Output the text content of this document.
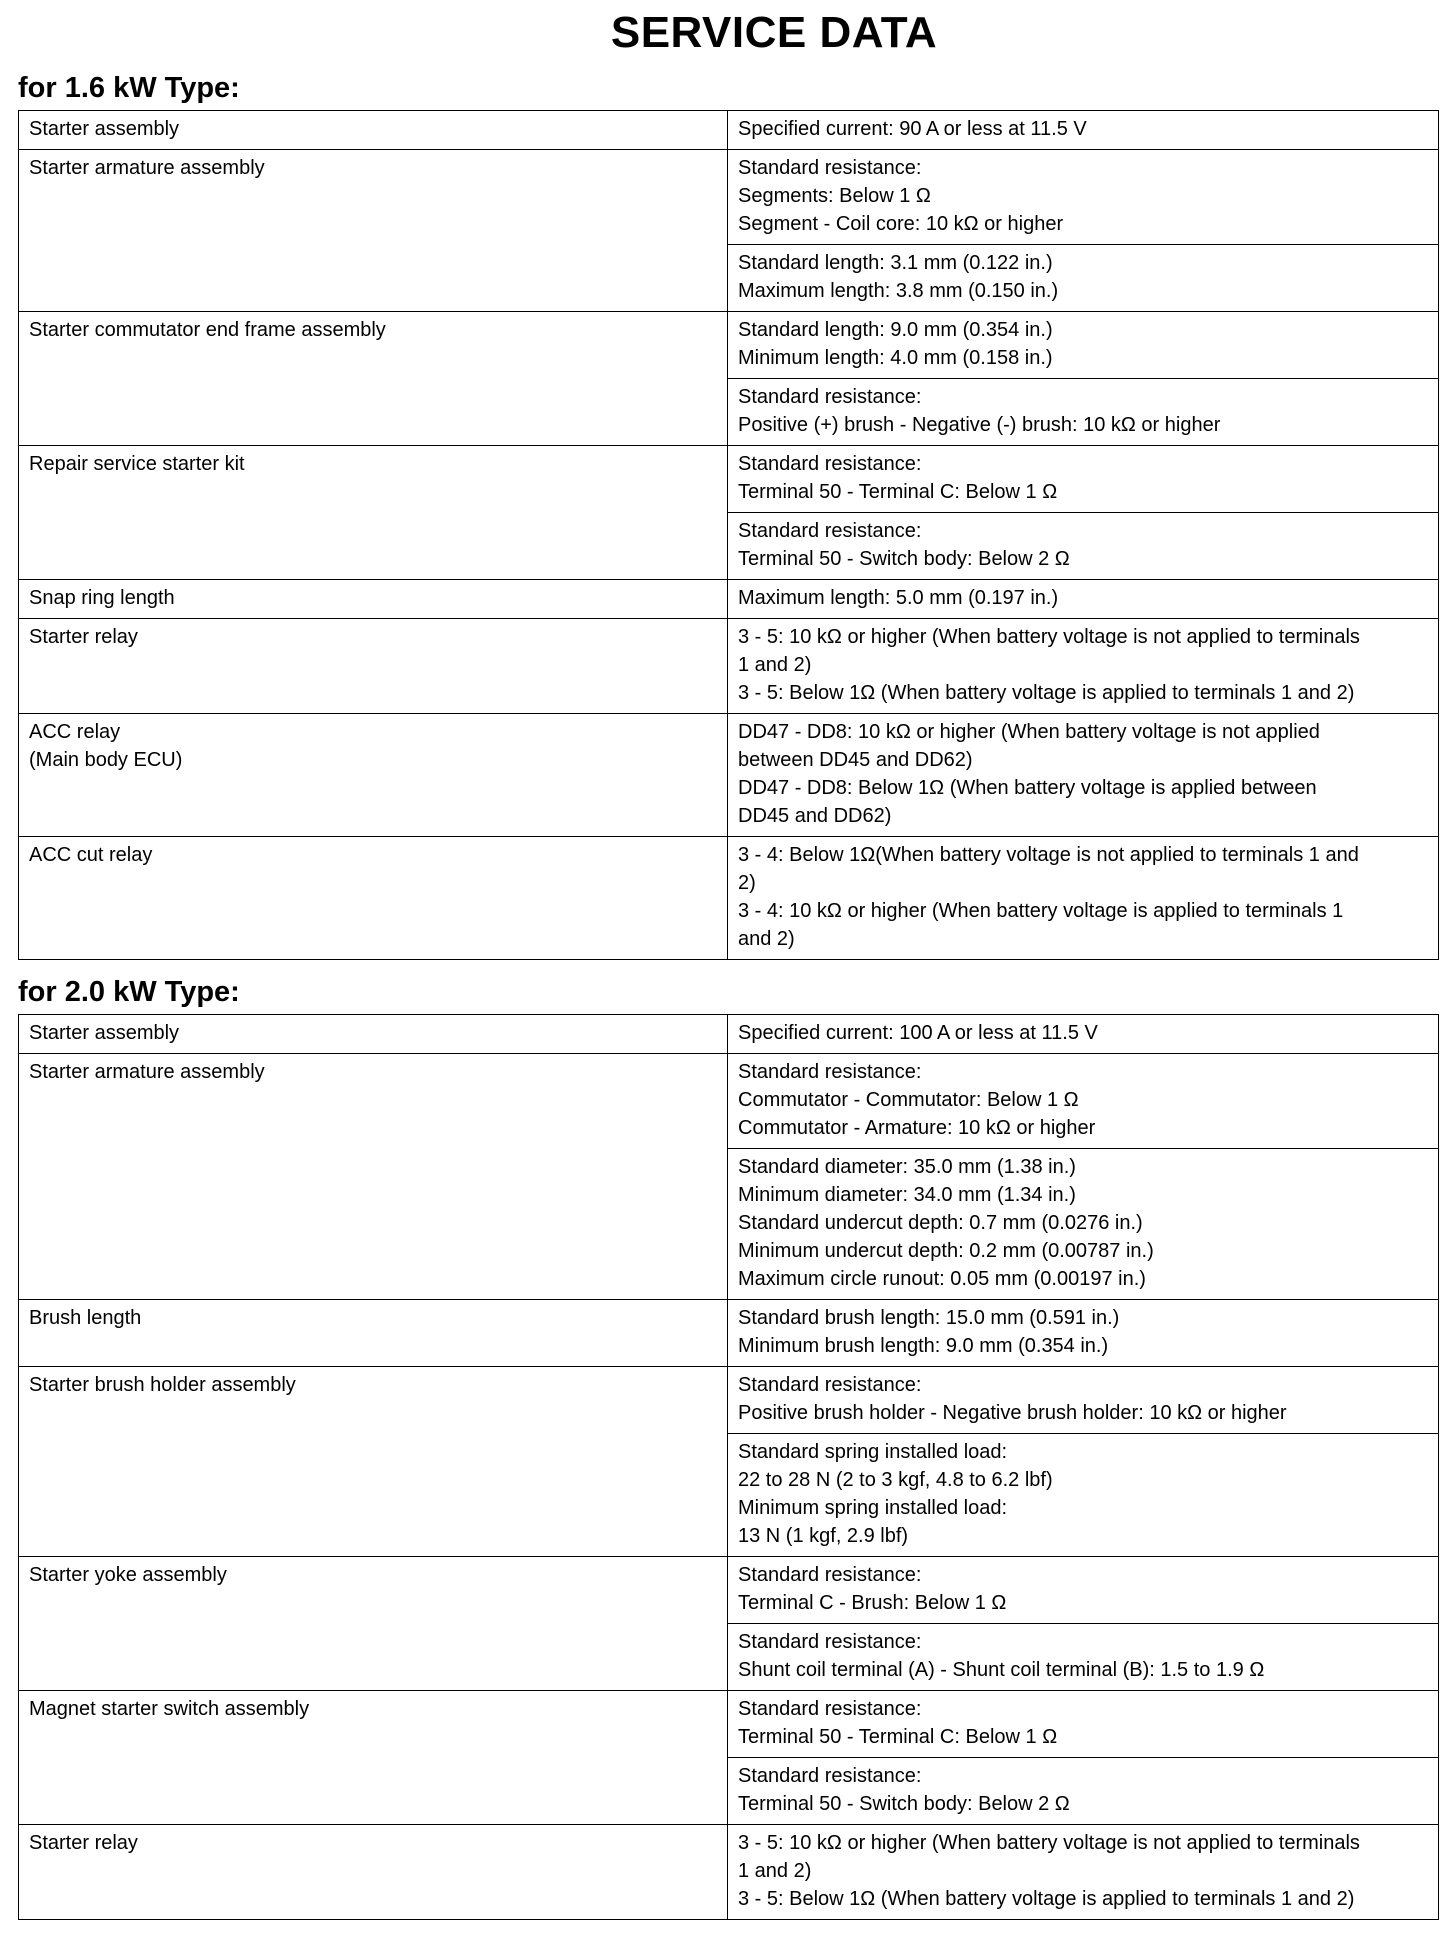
SERVICE DATA
for 1.6 kW Type:
Starter assembly	Specified current: 90 A or less at 11.5 V

Starter armature assembly	Standard resistance:
Segments: Below 1 Ω
Segment - Coil core: 10 kΩ or higher

	Standard length: 3.1 mm (0.122 in.)
Maximum length: 3.8 mm (0.150 in.)

Starter commutator end frame assembly	Standard length: 9.0 mm (0.354 in.)
Minimum length: 4.0 mm (0.158 in.)

	Standard resistance:
Positive (+) brush - Negative (-) brush: 10 kΩ or higher

Repair service starter kit	Standard resistance:
Terminal 50 - Terminal C: Below 1 Ω

	Standard resistance:
Terminal 50 - Switch body: Below 2 Ω

Snap ring length	Maximum length: 5.0 mm (0.197 in.)

Starter relay	3 - 5: 10 kΩ or higher (When battery voltage is not applied to terminals
1 and 2)
3 - 5: Below 1Ω (When battery voltage is applied to terminals 1 and 2)

ACC relay
(Main body ECU)	DD47 - DD8: 10 kΩ or higher (When battery voltage is not applied
between DD45 and DD62)
DD47 - DD8: Below 1Ω (When battery voltage is applied between
DD45 and DD62)

ACC cut relay	3 - 4: Below 1Ω(When battery voltage is not applied to terminals 1 and
2)
3 - 4: 10 kΩ or higher (When battery voltage is applied to terminals 1
and 2)
for 2.0 kW Type:
Starter assembly	Specified current: 100 A or less at 11.5 V

Starter armature assembly	Standard resistance:
Commutator - Commutator: Below 1 Ω
Commutator - Armature: 10 kΩ or higher

	Standard diameter: 35.0 mm (1.38 in.)
Minimum diameter: 34.0 mm (1.34 in.)
Standard undercut depth: 0.7 mm (0.0276 in.)
Minimum undercut depth: 0.2 mm (0.00787 in.)
Maximum circle runout: 0.05 mm (0.00197 in.)

Brush length	Standard brush length: 15.0 mm (0.591 in.)
Minimum brush length: 9.0 mm (0.354 in.)

Starter brush holder assembly	Standard resistance:
Positive brush holder - Negative brush holder: 10 kΩ or higher

	Standard spring installed load:
22 to 28 N (2 to 3 kgf, 4.8 to 6.2 lbf)
Minimum spring installed load:
13 N (1 kgf, 2.9 lbf)

Starter yoke assembly	Standard resistance:
Terminal C - Brush: Below 1 Ω

	Standard resistance:
Shunt coil terminal (A) - Shunt coil terminal (B): 1.5 to 1.9 Ω

Magnet starter switch assembly	Standard resistance:
Terminal 50 - Terminal C: Below 1 Ω

	Standard resistance:
Terminal 50 - Switch body: Below 2 Ω

Starter relay	3 - 5: 10 kΩ or higher (When battery voltage is not applied to terminals
1 and 2)
3 - 5: Below 1Ω (When battery voltage is applied to terminals 1 and 2)
